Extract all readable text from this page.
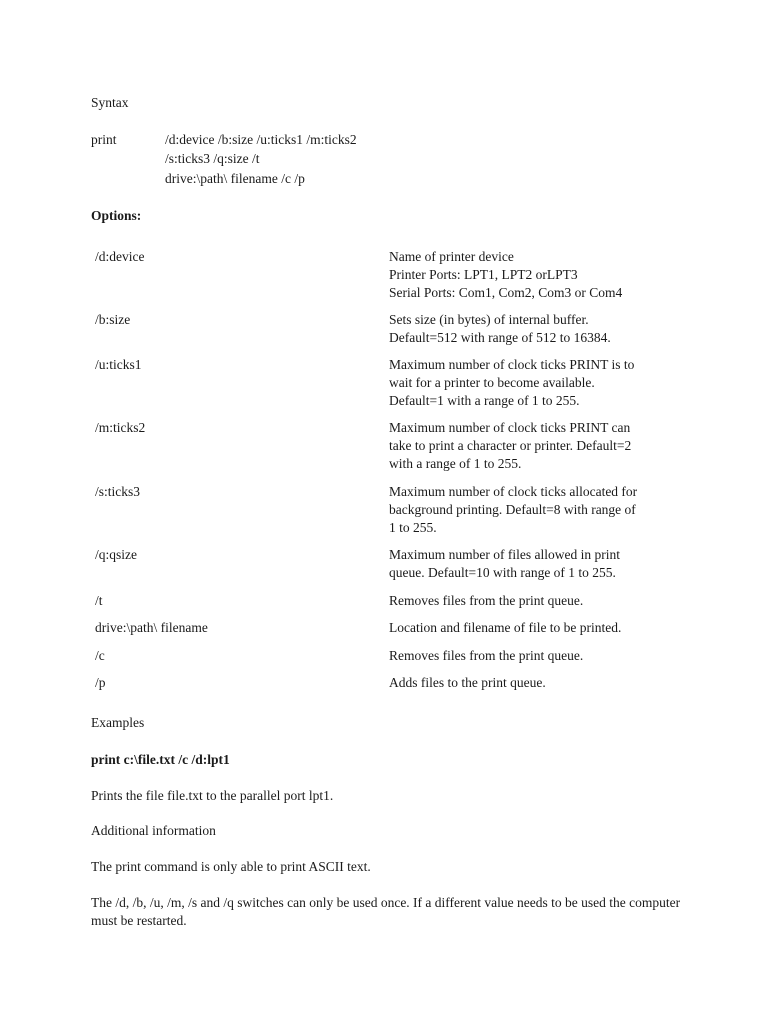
Syntax
print	/d:device /b:size /u:ticks1 /m:ticks2
/s:ticks3 /q:size /t
drive:\path\ filename /c /p
Options:
/d:device	Name of printer device
Printer Ports: LPT1, LPT2 orLPT3
Serial Ports: Com1, Com2, Com3 or Com4
/b:size	Sets size (in bytes) of internal buffer.
Default=512 with range of 512 to 16384.
/u:ticks1	Maximum number of clock ticks PRINT is to
wait for a printer to become available.
Default=1 with a range of 1 to 255.
/m:ticks2	Maximum number of clock ticks PRINT can
take to print a character or printer. Default=2
with a range of 1 to 255.
/s:ticks3	Maximum number of clock ticks allocated for
background printing. Default=8 with range of
1 to 255.
/q:qsize	Maximum number of files allowed in print
queue. Default=10 with range of 1 to 255.
/t	Removes files from the print queue.
drive:\path\ filename	Location and filename of file to be printed.
/c	Removes files from the print queue.
/p	Adds files to the print queue.
Examples
print c:\file.txt /c /d:lpt1
Prints the file file.txt to the parallel port lpt1.
Additional information
The print command is only able to print ASCII text.
The /d, /b, /u, /m, /s and /q switches can only be used once. If a different value needs to be used the computer must be restarted.
